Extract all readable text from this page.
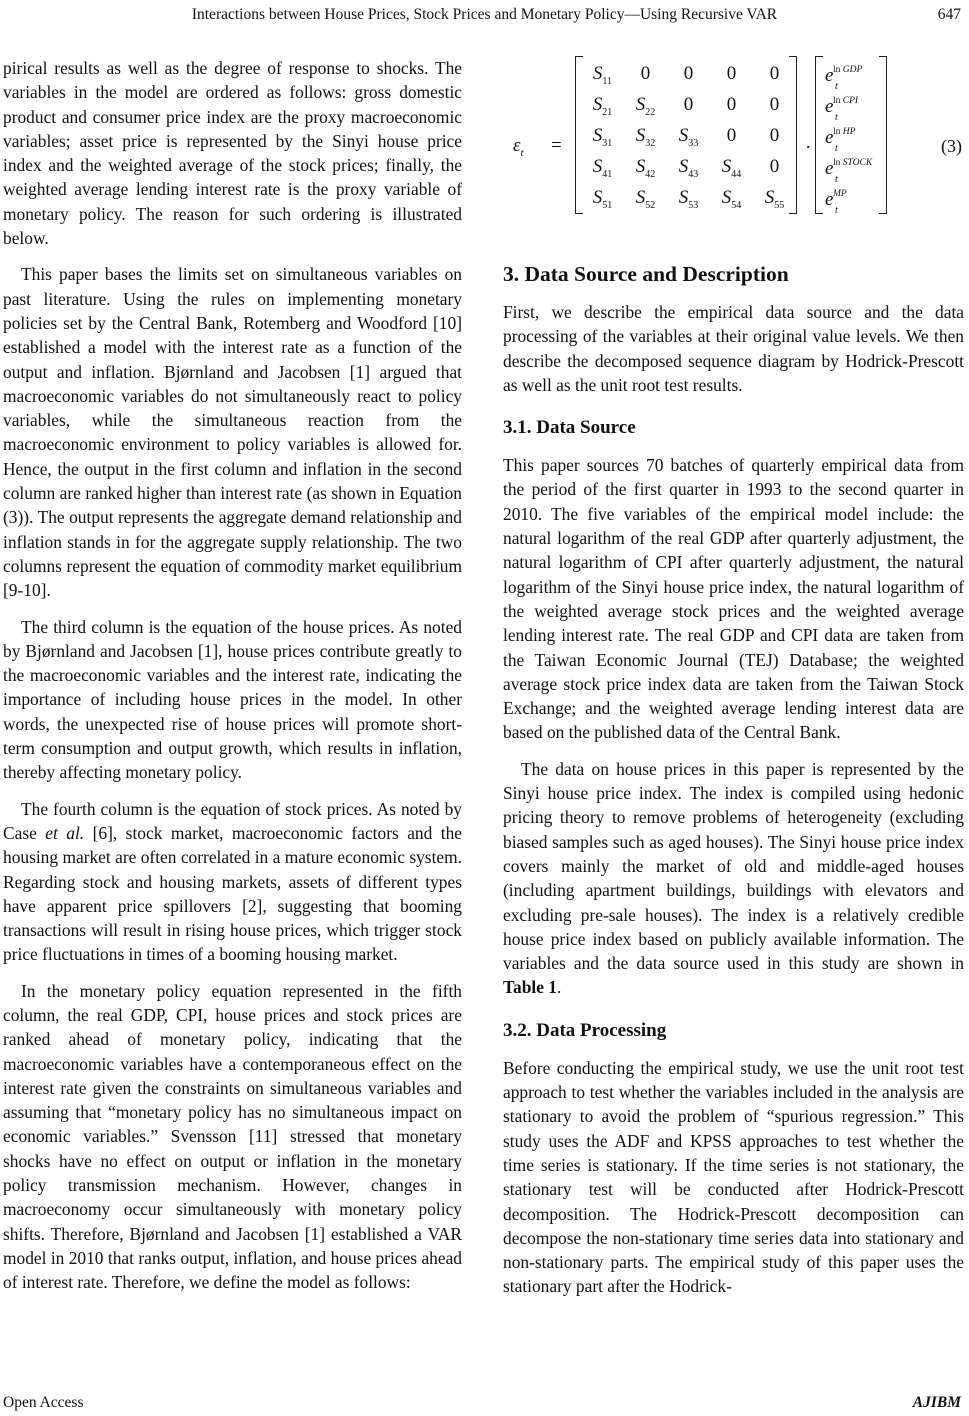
Interactions between House Prices, Stock Prices and Monetary Policy—Using Recursive VAR	647

pirical results as well as the degree of response to shocks. The variables in the model are ordered as follows: gross domestic product and consumer price index are the proxy macroeconomic variables; asset price is represented by the Sinyi house price index and the weighted average of the stock prices; finally, the weighted average lending interest rate is the proxy variable of monetary policy. The reason for such ordering is illustrated below.

This paper bases the limits set on simultaneous variables on past literature. Using the rules on implementing monetary policies set by the Central Bank, Rotemberg and Woodford [10] established a model with the interest rate as a function of the output and inflation. Bjørnland and Jacobsen [1] argued that macroeconomic variables do not simultaneously react to policy variables, while the simultaneous reaction from the macroeconomic environment to policy variables is allowed for. Hence, the output in the first column and inflation in the second column are ranked higher than interest rate (as shown in Equation (3)). The output represents the aggregate demand relationship and inflation stands in for the aggregate supply relationship. The two columns represent the equation of commodity market equilibrium [9-10].

The third column is the equation of the house prices. As noted by Bjørnland and Jacobsen [1], house prices contribute greatly to the macroeconomic variables and the interest rate, indicating the importance of including house prices in the model. In other words, the unexpected rise of house prices will promote short-term consumption and output growth, which results in inflation, thereby affecting monetary policy.

The fourth column is the equation of stock prices. As noted by Case et al. [6], stock market, macroeconomic factors and the housing market are often correlated in a mature economic system. Regarding stock and housing markets, assets of different types have apparent price spillovers [2], suggesting that booming transactions will result in rising house prices, which trigger stock price fluctuations in times of a booming housing market.

In the monetary policy equation represented in the fifth column, the real GDP, CPI, house prices and stock prices are ranked ahead of monetary policy, indicating that the macroeconomic variables have a contemporaneous effect on the interest rate given the constraints on simultaneous variables and assuming that “monetary policy has no simultaneous impact on economic variables.” Svensson [11] stressed that monetary shocks have no effect on output or inflation in the monetary policy transmission mechanism. However, changes in macroeconomy occur simultaneously with monetary policy shifts. Therefore, Bjørnland and Jacobsen [1] established a VAR model in 2010 that ranks output, inflation, and house prices ahead of interest rate. Therefore, we define the model as follows:

$\varepsilon_t$ =
$S_{11}$	0	0	0	0
$S_{21}$	$S_{22}$	0	0	0
$S_{31}$	$S_{32}$	$S_{33}$	0	0
$S_{41}$	$S_{42}$	$S_{43}$	$S_{44}$	0
$S_{51}$	$S_{52}$	$S_{53}$	$S_{54}$	$S_{55}$
·
ln GDP
e
t
ln CPI
e
t
ln HP
e
t
ln STOCK
e
t
MP
e
t
(3)
3. Data Source and Description

First, we describe the empirical data source and the data processing of the variables at their original value levels. We then describe the decomposed sequence diagram by Hodrick-Prescott as well as the unit root test results.

3.1. Data Source

This paper sources 70 batches of quarterly empirical data from the period of the first quarter in 1993 to the second quarter in 2010. The five variables of the empirical model include: the natural logarithm of the real GDP after quarterly adjustment, the natural logarithm of CPI after quarterly adjustment, the natural logarithm of the Sinyi house price index, the natural logarithm of the weighted average stock prices and the weighted average lending interest rate. The real GDP and CPI data are taken from the Taiwan Economic Journal (TEJ) Database; the weighted average stock price index data are taken from the Taiwan Stock Exchange; and the weighted average lending interest data are based on the published data of the Central Bank.

The data on house prices in this paper is represented by the Sinyi house price index. The index is compiled using hedonic pricing theory to remove problems of heterogeneity (excluding biased samples such as aged houses). The Sinyi house price index covers mainly the market of old and middle-aged houses (including apartment buildings, buildings with elevators and excluding pre-sale houses). The index is a relatively credible house price index based on publicly available information. The variables and the data source used in this study are shown in Table 1.

3.2. Data Processing

Before conducting the empirical study, we use the unit root test approach to test whether the variables included in the analysis are stationary to avoid the problem of “spurious regression.” This study uses the ADF and KPSS approaches to test whether the time series is stationary. If the time series is not stationary, the stationary test will be conducted after Hodrick-Prescott decomposition. The Hodrick-Prescott decomposition can decompose the non-stationary time series data into stationary and non-stationary parts. The empirical study of this paper uses the stationary part after the Hodrick-

Open Access	AJIBM
